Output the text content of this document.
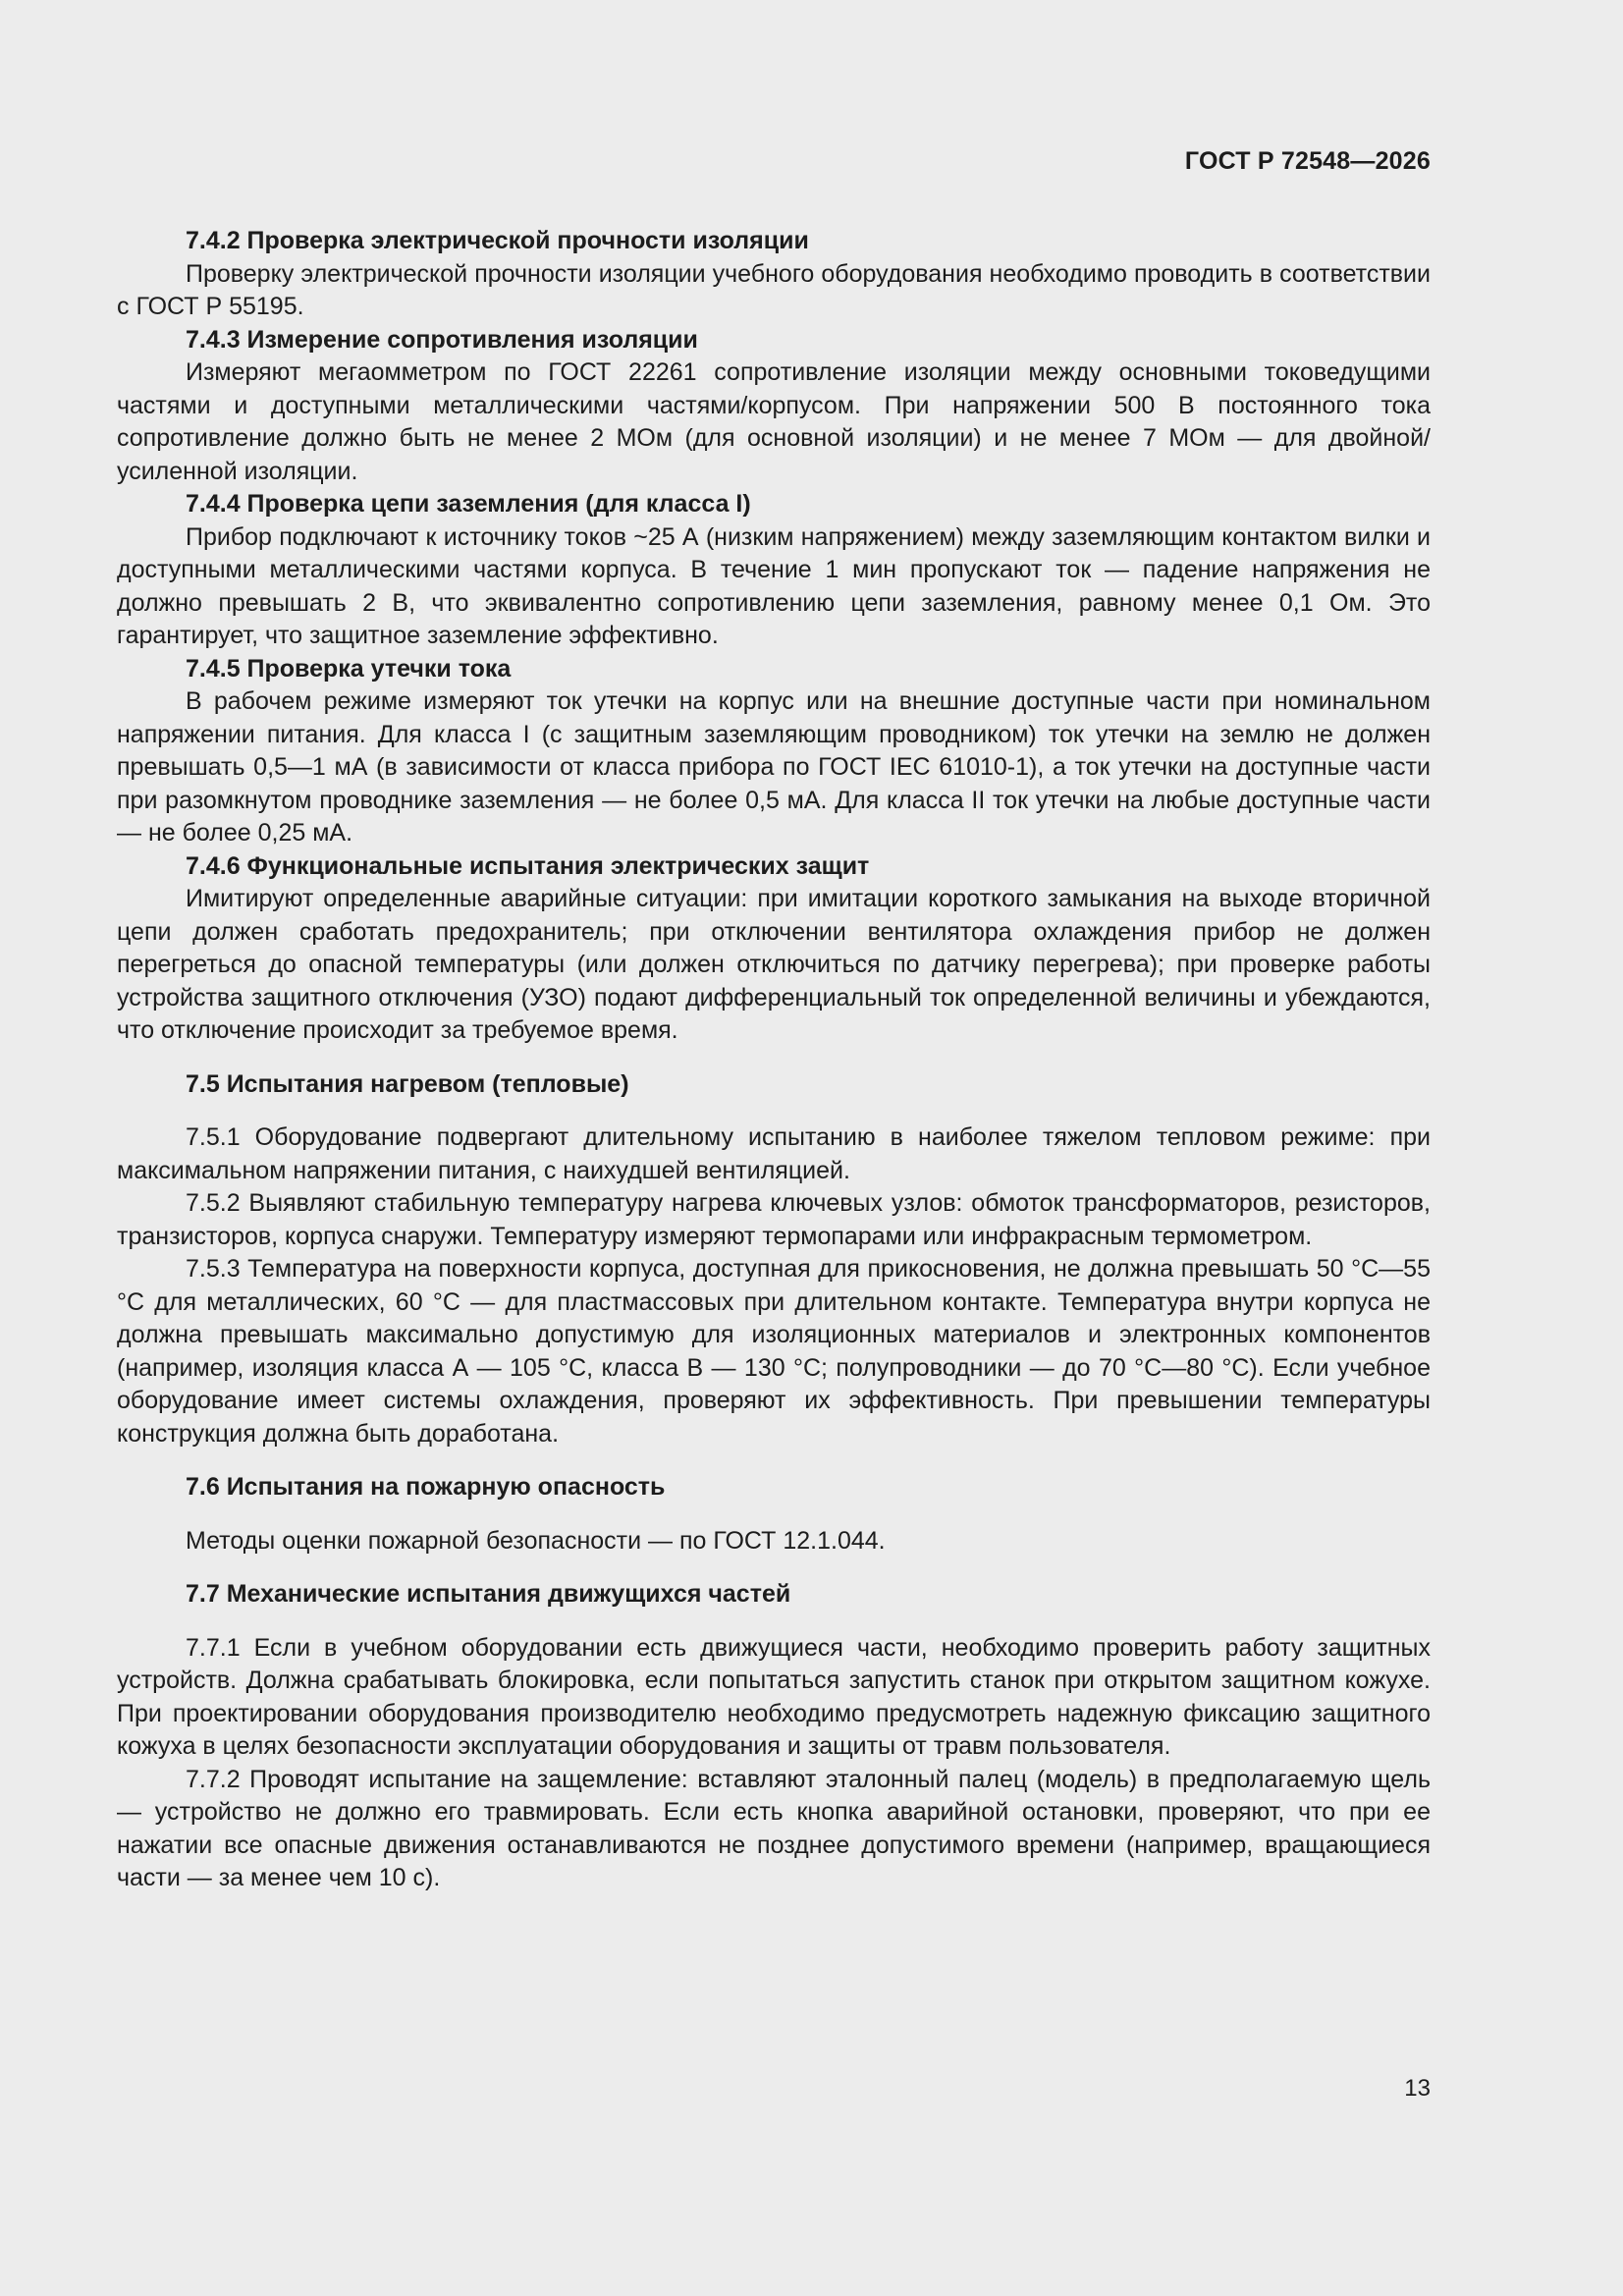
ГОСТ Р 72548—2026

7.4.2 Проверка электрической прочности изоляции

Проверку электрической прочности изоляции учебного оборудования необходимо проводить в соответствии с ГОСТ Р 55195.

7.4.3 Измерение сопротивления изоляции

Измеряют мегаомметром по ГОСТ 22261 сопротивление изоляции между основными токоведущими частями и доступными металлическими частями/корпусом. При напряжении 500 В постоянного тока сопротивление должно быть не менее 2 МОм (для основной изоляции) и не менее 7 МОм — для двойной/усиленной изоляции.

7.4.4 Проверка цепи заземления (для класса I)

Прибор подключают к источнику токов ~25 А (низким напряжением) между заземляющим контактом вилки и доступными металлическими частями корпуса. В течение 1 мин пропускают ток — падение напряжения не должно превышать 2 В, что эквивалентно сопротивлению цепи заземления, равному менее 0,1 Ом. Это гарантирует, что защитное заземление эффективно.

7.4.5 Проверка утечки тока

В рабочем режиме измеряют ток утечки на корпус или на внешние доступные части при номинальном напряжении питания. Для класса I (с защитным заземляющим проводником) ток утечки на землю не должен превышать 0,5—1 мА (в зависимости от класса прибора по ГОСТ IEC 61010-1), а ток утечки на доступные части при разомкнутом проводнике заземления — не более 0,5 мА. Для класса II ток утечки на любые доступные части — не более 0,25 мА.

7.4.6 Функциональные испытания электрических защит

Имитируют определенные аварийные ситуации: при имитации короткого замыкания на выходе вторичной цепи должен сработать предохранитель; при отключении вентилятора охлаждения прибор не должен перегреться до опасной температуры (или должен отключиться по датчику перегрева); при проверке работы устройства защитного отключения (УЗО) подают дифференциальный ток определенной величины и убеждаются, что отключение происходит за требуемое время.

7.5 Испытания нагревом (тепловые)

7.5.1 Оборудование подвергают длительному испытанию в наиболее тяжелом тепловом режиме: при максимальном напряжении питания, с наихудшей вентиляцией.

7.5.2 Выявляют стабильную температуру нагрева ключевых узлов: обмоток трансформаторов, резисторов, транзисторов, корпуса снаружи. Температуру измеряют термопарами или инфракрасным термометром.

7.5.3 Температура на поверхности корпуса, доступная для прикосновения, не должна превышать 50 °С—55 °С для металлических, 60 °С — для пластмассовых при длительном контакте. Температура внутри корпуса не должна превышать максимально допустимую для изоляционных материалов и электронных компонентов (например, изоляция класса А — 105 °С, класса В — 130 °С; полупроводники — до 70 °С—80 °С). Если учебное оборудование имеет системы охлаждения, проверяют их эффективность. При превышении температуры конструкция должна быть доработана.

7.6 Испытания на пожарную опасность

Методы оценки пожарной безопасности — по ГОСТ 12.1.044.

7.7 Механические испытания движущихся частей

7.7.1 Если в учебном оборудовании есть движущиеся части, необходимо проверить работу защитных устройств. Должна срабатывать блокировка, если попытаться запустить станок при открытом защитном кожухе. При проектировании оборудования производителю необходимо предусмотреть надежную фиксацию защитного кожуха в целях безопасности эксплуатации оборудования и защиты от травм пользователя.

7.7.2 Проводят испытание на защемление: вставляют эталонный палец (модель) в предполагаемую щель — устройство не должно его травмировать. Если есть кнопка аварийной остановки, проверяют, что при ее нажатии все опасные движения останавливаются не позднее допустимого времени (например, вращающиеся части — за менее чем 10 с).

13
